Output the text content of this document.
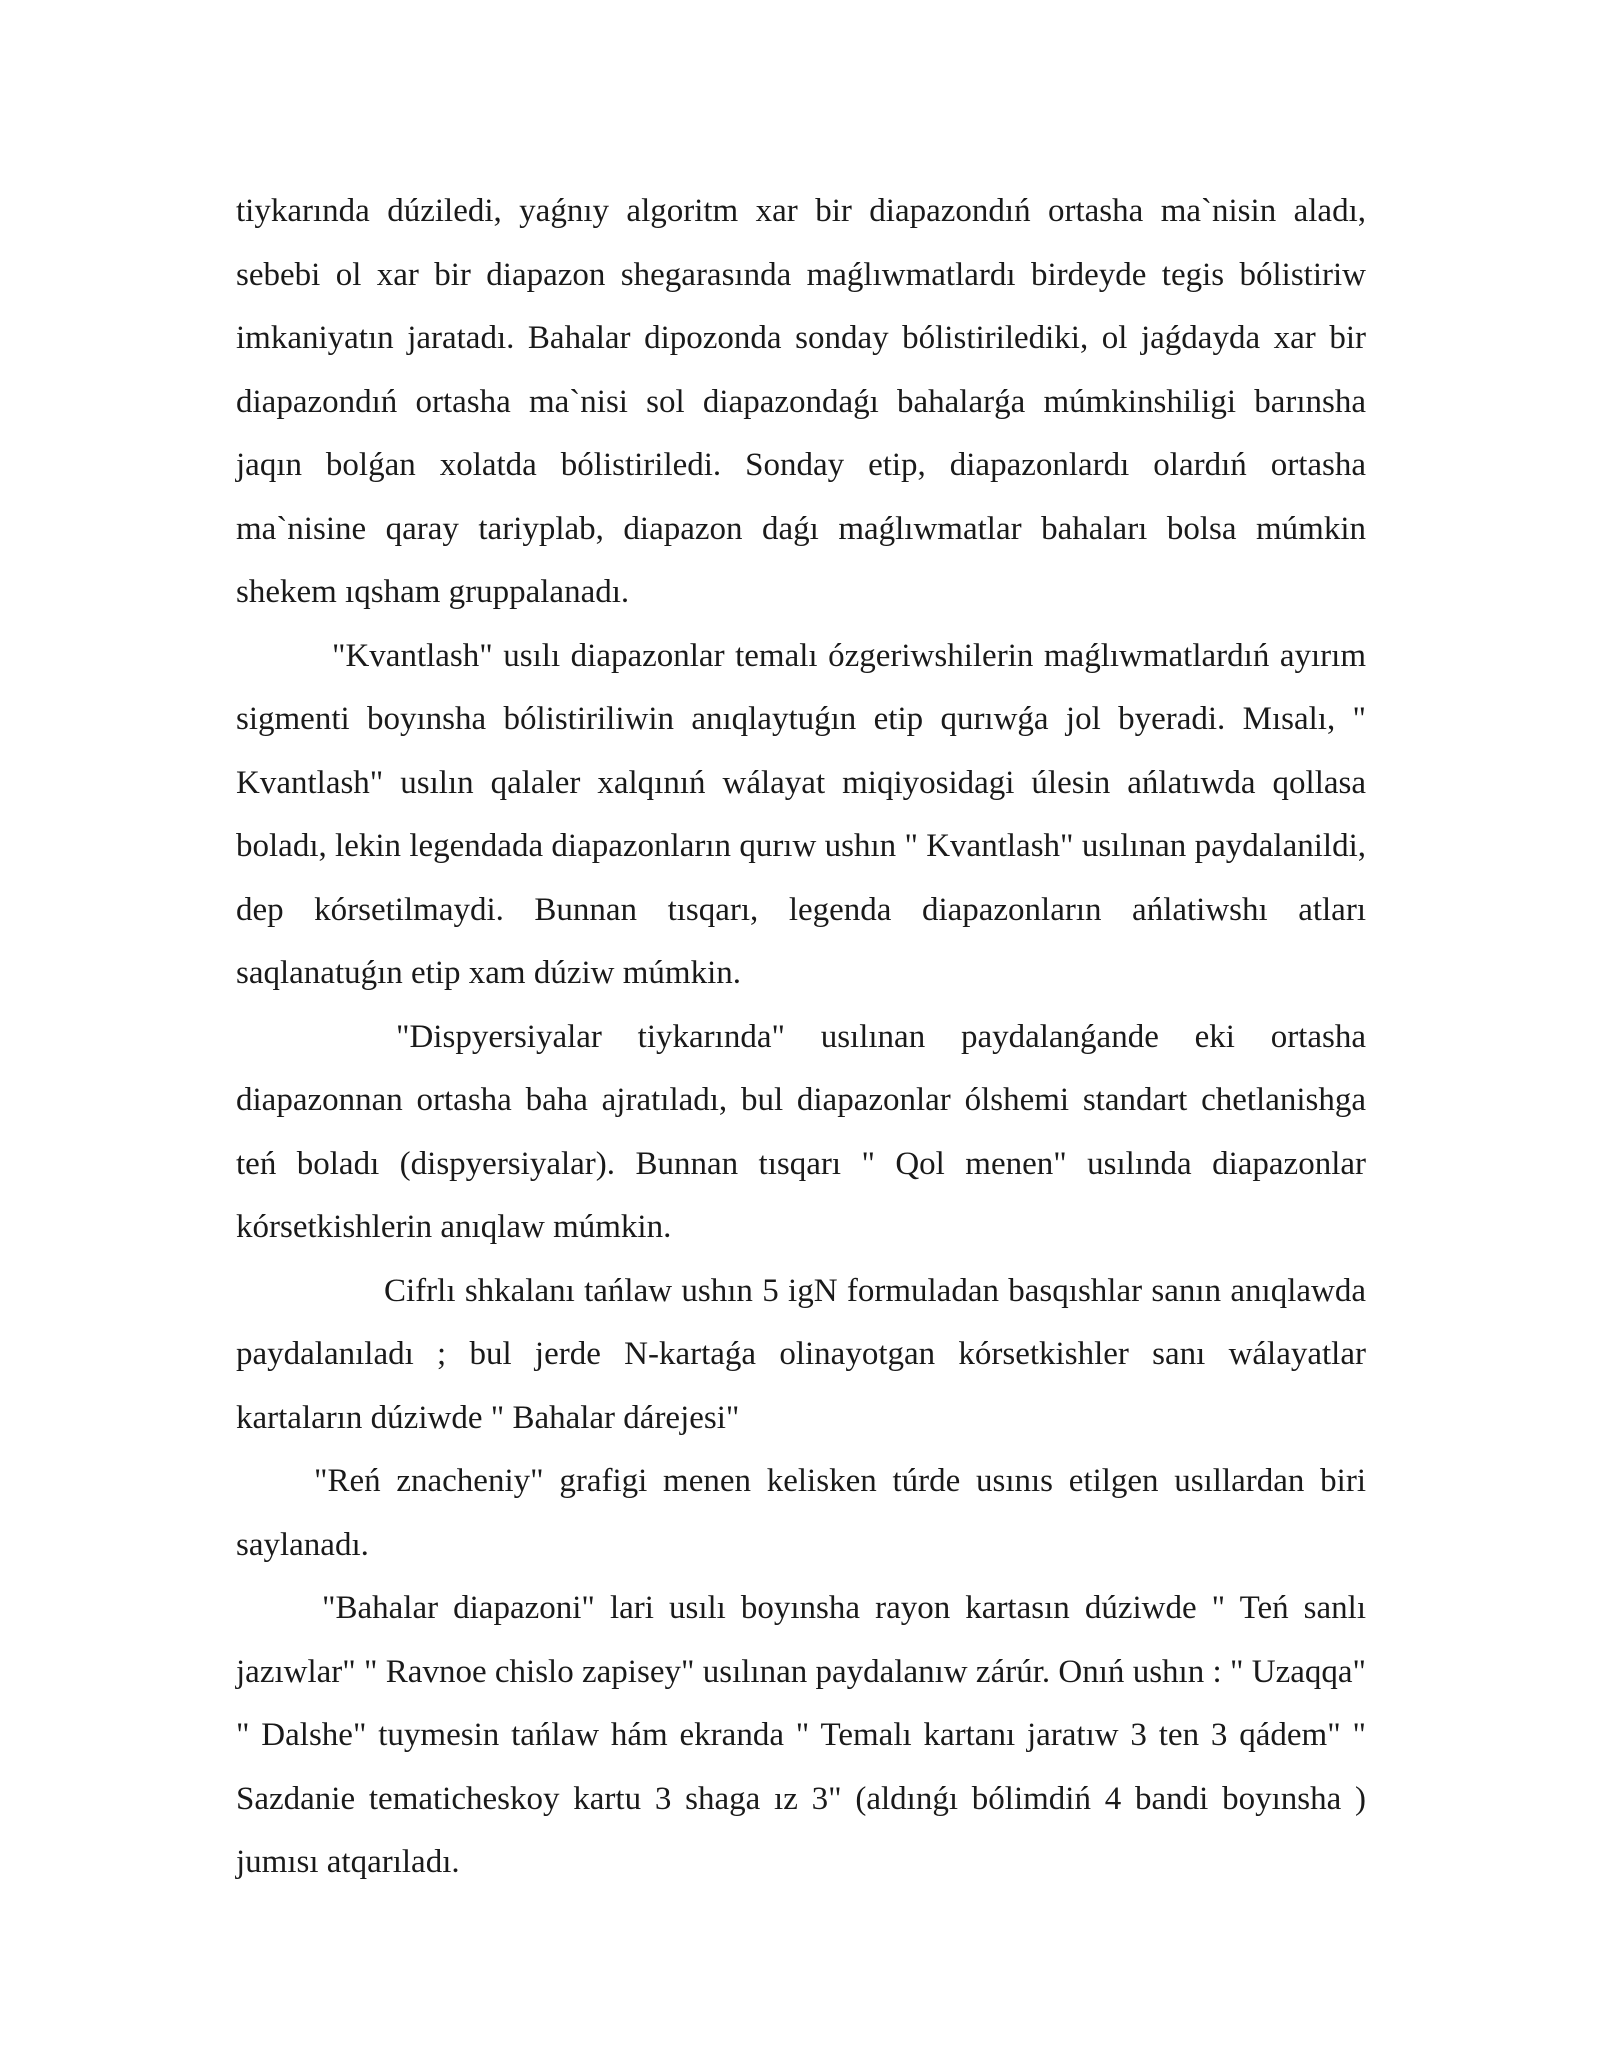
tiykarında dúziledi, yaǵnıy algoritm xar bir diapazondıń ortasha ma`nisin aladı, sebebi ol xar bir diapazon shegarasında maǵlıwmatlardı birdeyde tegis bólistiriw imkaniyatın jaratadı. Bahalar dipozonda sonday bólistirilediki, ol jaǵdayda xar bir diapazondıń ortasha ma`nisi sol diapazondaǵı bahalarǵa múmkinshiligi barınsha jaqın bolǵan xolatda bólistiriledi. Sonday etip, diapazonlardı olardıń ortasha ma`nisine qaray tariyplab, diapazon daǵı maǵlıwmatlar bahaları bolsa múmkin shekem ıqsham gruppalanadı.

"Kvantlash" usılı diapazonlar temalı ózgeriwshilerin maǵlıwmatlardıń ayırım sigmenti boyınsha bólistiriliwin anıqlaytuǵın etip qurıwǵa jol byeradi. Mısalı, " Kvantlash" usılın qalaler xalqınıń wálayat miqiyosidagi úlesin ańlatıwda qollasa boladı, lekin legendada diapazonların qurıw ushın " Kvantlash" usılınan paydalanildi, dep kórsetilmaydi. Bunnan tısqarı, legenda diapazonların ańlatiwshı atları saqlanatuǵın etip xam dúziw múmkin.

"Dispyersiyalar tiykarında" usılınan paydalanǵande eki ortasha diapazonnan ortasha baha ajratıladı, bul diapazonlar ólshemi standart chetlanishga teń boladı (dispyersiyalar). Bunnan tısqarı " Qol menen" usılında diapazonlar kórsetkishlerin anıqlaw múmkin.

Cifrlı shkalanı tańlaw ushın 5 igN formuladan basqıshlar sanın anıqlawda paydalanıladı ; bul jerde N-kartaǵa olinayotgan kórsetkishler sanı wálayatlar kartaların dúziwde " Bahalar dárejesi"

"Reń znacheniy" grafigi menen kelisken túrde usınıs etilgen usıllardan biri saylanadı.

"Bahalar diapazoni" lari usılı boyınsha rayon kartasın dúziwde " Teń sanlı jazıwlar" " Ravnoe chislo zapisey" usılınan paydalanıw zárúr. Onıń ushın : " Uzaqqa" " Dalshe" tuymesin tańlaw hám ekranda " Temalı kartanı jaratıw 3 ten 3 qádem" " Sazdanie tematicheskoy kartu 3 shaga ız 3" (aldınǵı bólimdiń 4 bandi boyınsha ) jumısı atqarıladı.
